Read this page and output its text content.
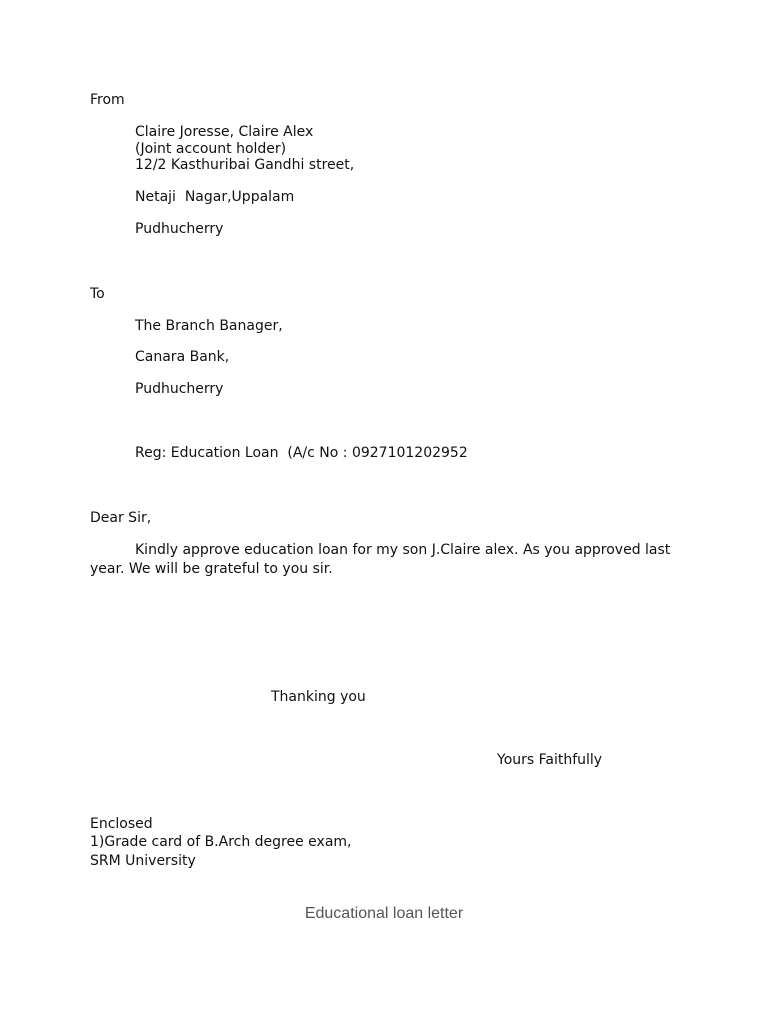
From
Claire Joresse, Claire Alex
(Joint account holder)
12/2 Kasthuribai Gandhi street,
Netaji  Nagar,Uppalam
Pudhucherry
To
The Branch Banager,
Canara Bank,
Pudhucherry
Reg: Education Loan  (A/c No : 0927101202952
Dear Sir,
Kindly approve education loan for my son J.Claire alex. As you approved last year. We will be grateful to you sir.
Thanking you
Yours Faithfully
Enclosed
1)Grade card of B.Arch degree exam,
SRM University
Educational loan letter
